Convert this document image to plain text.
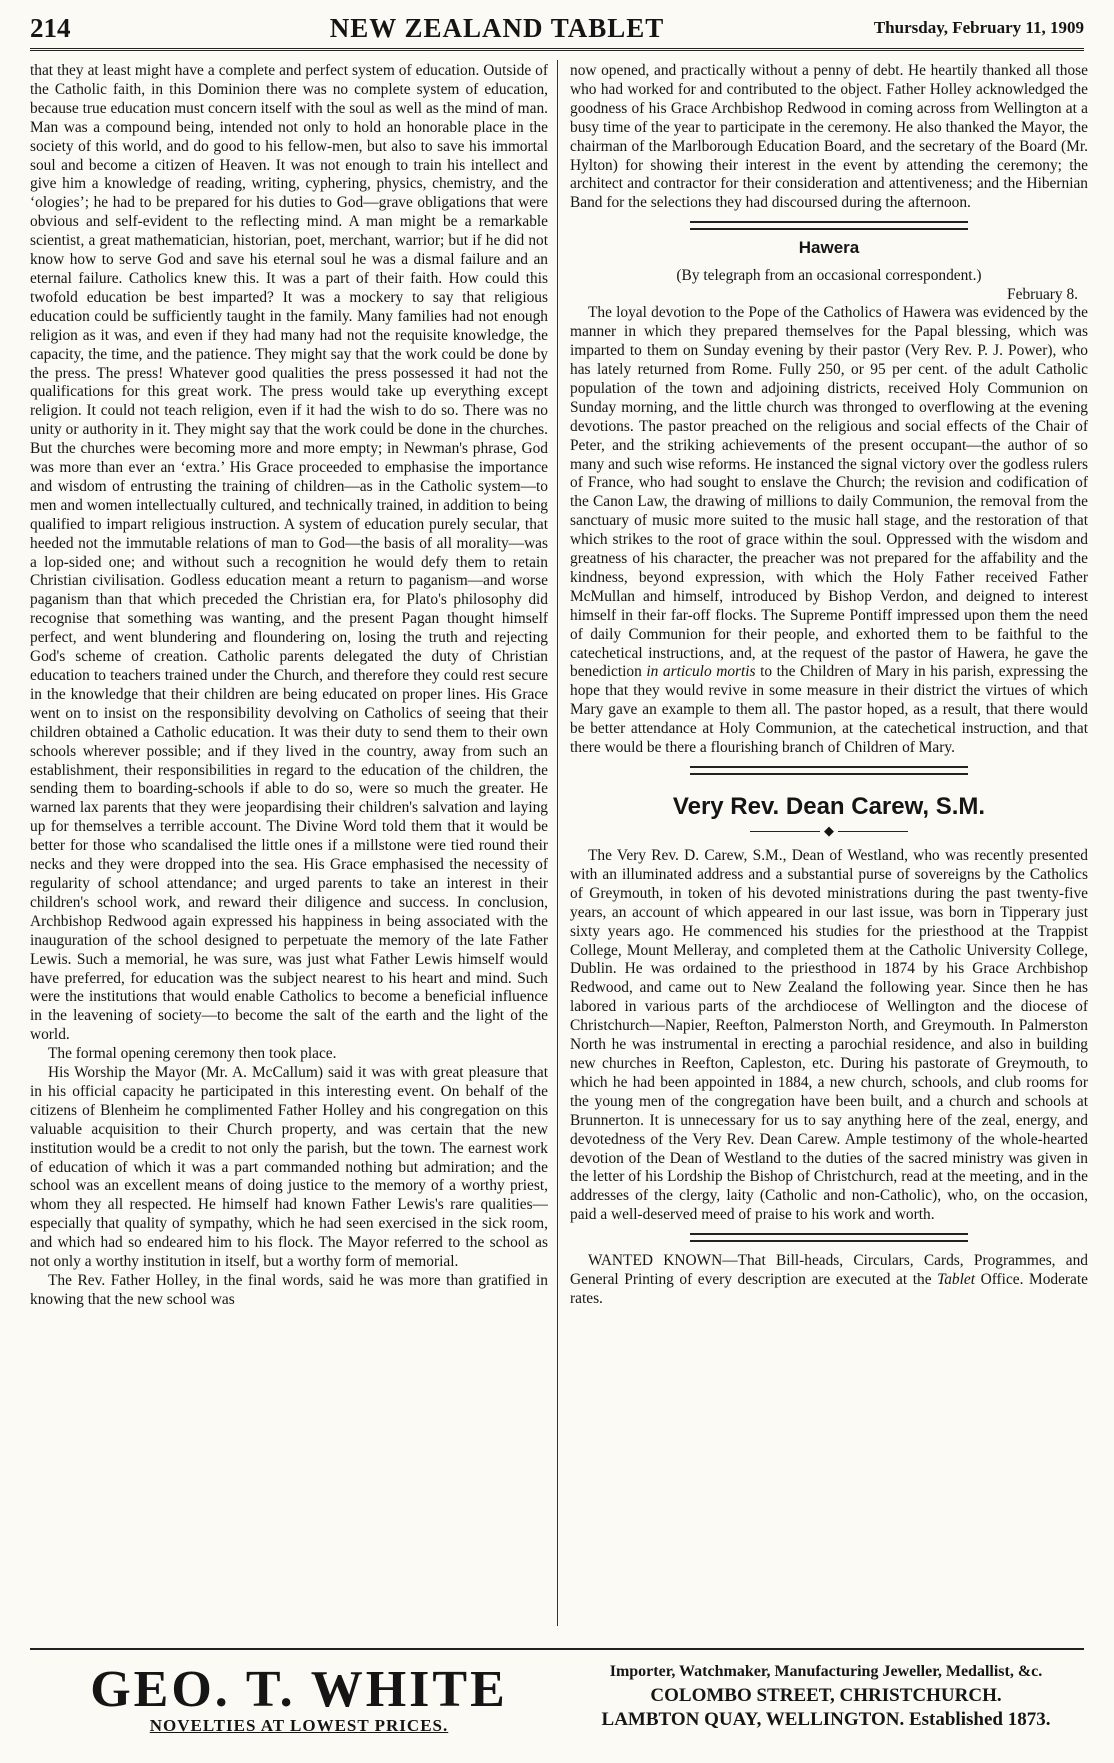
214	NEW ZEALAND TABLET	Thursday, February 11, 1909

that they at least might have a complete and perfect system of education. Outside of the Catholic faith, in this Dominion there was no complete system of education, because true education must concern itself with the soul as well as the mind of man. Man was a compound being, intended not only to hold an honorable place in the society of this world, and do good to his fellow-men, but also to save his immortal soul and become a citizen of Heaven. It was not enough to train his intellect and give him a knowledge of reading, writing, cyphering, physics, chemistry, and the ‘ologies’; he had to be prepared for his duties to God—grave obligations that were obvious and self-evident to the reflecting mind. A man might be a remarkable scientist, a great mathematician, historian, poet, merchant, warrior; but if he did not know how to serve God and save his eternal soul he was a dismal failure and an eternal failure. Catholics knew this. It was a part of their faith. How could this twofold education be best imparted? It was a mockery to say that religious education could be sufficiently taught in the family. Many families had not enough religion as it was, and even if they had many had not the requisite knowledge, the capacity, the time, and the patience. They might say that the work could be done by the press. The press! Whatever good qualities the press possessed it had not the qualifications for this great work. The press would take up everything except religion. It could not teach religion, even if it had the wish to do so. There was no unity or authority in it. They might say that the work could be done in the churches. But the churches were becoming more and more empty; in Newman's phrase, God was more than ever an ‘extra.’ His Grace proceeded to emphasise the importance and wisdom of entrusting the training of children—as in the Catholic system—to men and women intellectually cultured, and technically trained, in addition to being qualified to impart religious instruction. A system of education purely secular, that heeded not the immutable relations of man to God—the basis of all morality—was a lop-sided one; and without such a recognition he would defy them to retain Christian civilisation. Godless education meant a return to paganism—and worse paganism than that which preceded the Christian era, for Plato's philosophy did recognise that something was wanting, and the present Pagan thought himself perfect, and went blundering and floundering on, losing the truth and rejecting God's scheme of creation. Catholic parents delegated the duty of Christian education to teachers trained under the Church, and therefore they could rest secure in the knowledge that their children are being educated on proper lines. His Grace went on to insist on the responsibility devolving on Catholics of seeing that their children obtained a Catholic education. It was their duty to send them to their own schools wherever possible; and if they lived in the country, away from such an establishment, their responsibilities in regard to the education of the children, the sending them to boarding-schools if able to do so, were so much the greater. He warned lax parents that they were jeopardising their children's salvation and laying up for themselves a terrible account. The Divine Word told them that it would be better for those who scandalised the little ones if a millstone were tied round their necks and they were dropped into the sea. His Grace emphasised the necessity of regularity of school attendance; and urged parents to take an interest in their children's school work, and reward their diligence and success. In conclusion, Archbishop Redwood again expressed his happiness in being associated with the inauguration of the school designed to perpetuate the memory of the late Father Lewis. Such a memorial, he was sure, was just what Father Lewis himself would have preferred, for education was the subject nearest to his heart and mind. Such were the institutions that would enable Catholics to become a beneficial influence in the leavening of society—to become the salt of the earth and the light of the world.

The formal opening ceremony then took place.

His Worship the Mayor (Mr. A. McCallum) said it was with great pleasure that in his official capacity he participated in this interesting event. On behalf of the citizens of Blenheim he complimented Father Holley and his congregation on this valuable acquisition to their Church property, and was certain that the new institution would be a credit to not only the parish, but the town. The earnest work of education of which it was a part commanded nothing but admiration; and the school was an excellent means of doing justice to the memory of a worthy priest, whom they all respected. He himself had known Father Lewis's rare qualities—especially that quality of sympathy, which he had seen exercised in the sick room, and which had so endeared him to his flock. The Mayor referred to the school as not only a worthy institution in itself, but a worthy form of memorial.

The Rev. Father Holley, in the final words, said he was more than gratified in knowing that the new school was

now opened, and practically without a penny of debt. He heartily thanked all those who had worked for and contributed to the object. Father Holley acknowledged the goodness of his Grace Archbishop Redwood in coming across from Wellington at a busy time of the year to participate in the ceremony. He also thanked the Mayor, the chairman of the Marlborough Education Board, and the secretary of the Board (Mr. Hylton) for showing their interest in the event by attending the ceremony; the architect and contractor for their consideration and attentiveness; and the Hibernian Band for the selections they had discoursed during the afternoon.

Hawera
(By telegraph from an occasional correspondent.)
February 8.

The loyal devotion to the Pope of the Catholics of Hawera was evidenced by the manner in which they prepared themselves for the Papal blessing, which was imparted to them on Sunday evening by their pastor (Very Rev. P. J. Power), who has lately returned from Rome. Fully 250, or 95 per cent. of the adult Catholic population of the town and adjoining districts, received Holy Communion on Sunday morning, and the little church was thronged to overflowing at the evening devotions. The pastor preached on the religious and social effects of the Chair of Peter, and the striking achievements of the present occupant—the author of so many and such wise reforms. He instanced the signal victory over the godless rulers of France, who had sought to enslave the Church; the revision and codification of the Canon Law, the drawing of millions to daily Communion, the removal from the sanctuary of music more suited to the music hall stage, and the restoration of that which strikes to the root of grace within the soul. Oppressed with the wisdom and greatness of his character, the preacher was not prepared for the affability and the kindness, beyond expression, with which the Holy Father received Father McMullan and himself, introduced by Bishop Verdon, and deigned to interest himself in their far-off flocks. The Supreme Pontiff impressed upon them the need of daily Communion for their people, and exhorted them to be faithful to the catechetical instructions, and, at the request of the pastor of Hawera, he gave the benediction in articulo mortis to the Children of Mary in his parish, expressing the hope that they would revive in some measure in their district the virtues of which Mary gave an example to them all. The pastor hoped, as a result, that there would be better attendance at Holy Communion, at the catechetical instruction, and that there would be there a flourishing branch of Children of Mary.

Very Rev. Dean Carew, S.M.
◆

The Very Rev. D. Carew, S.M., Dean of Westland, who was recently presented with an illuminated address and a substantial purse of sovereigns by the Catholics of Greymouth, in token of his devoted ministrations during the past twenty-five years, an account of which appeared in our last issue, was born in Tipperary just sixty years ago. He commenced his studies for the priesthood at the Trappist College, Mount Melleray, and completed them at the Catholic University College, Dublin. He was ordained to the priesthood in 1874 by his Grace Archbishop Redwood, and came out to New Zealand the following year. Since then he has labored in various parts of the archdiocese of Wellington and the diocese of Christchurch—Napier, Reefton, Palmerston North, and Greymouth. In Palmerston North he was instrumental in erecting a parochial residence, and also in building new churches in Reefton, Capleston, etc. During his pastorate of Greymouth, to which he had been appointed in 1884, a new church, schools, and club rooms for the young men of the congregation have been built, and a church and schools at Brunnerton. It is unnecessary for us to say anything here of the zeal, energy, and devotedness of the Very Rev. Dean Carew. Ample testimony of the whole-hearted devotion of the Dean of Westland to the duties of the sacred ministry was given in the letter of his Lordship the Bishop of Christchurch, read at the meeting, and in the addresses of the clergy, laity (Catholic and non-Catholic), who, on the occasion, paid a well-deserved meed of praise to his work and worth.

WANTED KNOWN—That Bill-heads, Circulars, Cards, Programmes, and General Printing of every description are executed at the Tablet Office. Moderate rates.
GEO. T. WHITE
NOVELTIES AT LOWEST PRICES.
Importer, Watchmaker, Manufacturing Jeweller, Medallist, &c.
COLOMBO STREET, CHRISTCHURCH.
LAMBTON QUAY, WELLINGTON. Established 1873.
